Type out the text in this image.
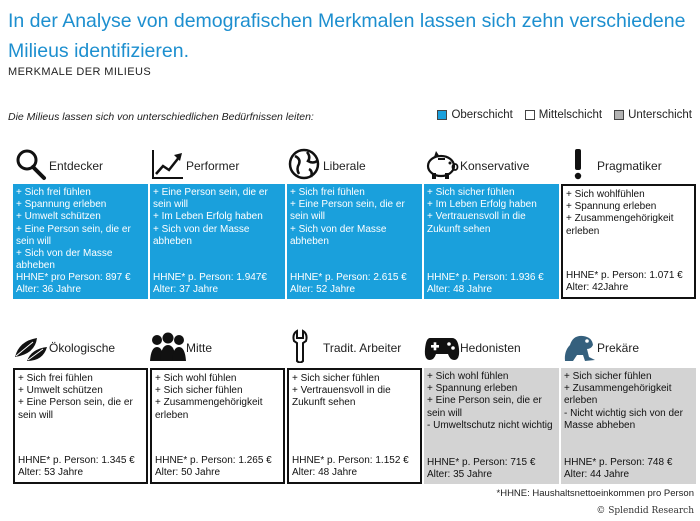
In der Analyse von demografischen Merkmalen lassen sich zehn verschiedene Milieus identifizieren.
MERKMALE DER MILIEUS
Die Milieus lassen sich von unterschiedlichen Bedürfnissen leiten:	Oberschicht Mittelschicht Unterschicht
Entdecker
+ Sich frei fühlen
+ Spannung erleben
+ Umwelt schützen
+ Eine Person sein, die er sein will
+ Sich von der Masse abheben
HHNE* pro Person: 897 €
Alter: 36 Jahre
Performer
+ Eine Person sein, die er sein will
+ Im Leben Erfolg haben
+ Sich von der Masse abheben
HHNE* p. Person: 1.947€
Alter: 37 Jahre
Liberale
+ Sich frei fühlen
+ Eine Person sein, die er sein will
+ Sich von der Masse abheben
HHNE* p. Person: 2.615 €
Alter: 52 Jahre
Konservative
+ Sich sicher fühlen
+ Im Leben Erfolg haben
+ Vertrauensvoll in die Zukunft sehen
HHNE* p. Person: 1.936 €
Alter: 48 Jahre
Pragmatiker
+ Sich wohlfühlen
+ Spannung erleben
+ Zusammengehörigkeit erleben
HHNE* p. Person: 1.071 €
Alter: 42Jahre
Ökologische
+ Sich frei fühlen
+ Umwelt schützen
+ Eine Person sein, die er sein will
HHNE* p. Person: 1.345 €
Alter: 53 Jahre
Mitte
+ Sich wohl fühlen
+ Sich sicher fühlen
+ Zusammengehörigkeit erleben
HHNE* p. Person: 1.265 €
Alter: 50 Jahre
Tradit. Arbeiter
+ Sich sicher fühlen
+ Vertrauensvoll in die Zukunft sehen
HHNE* p. Person: 1.152 €
Alter: 48 Jahre
Hedonisten
+ Sich wohl fühlen
+ Spannung erleben
+ Eine Person sein, die er sein will
- Umweltschutz nicht wichtig
HHNE* p. Person: 715 €
Alter: 35 Jahre
Prekäre
+ Sich sicher fühlen
+ Zusammengehörigkeit erleben
- Nicht wichtig sich von der Masse abheben
HHNE* p. Person: 748 €
Alter: 44 Jahre
*HHNE: Haushaltsnettoeinkommen pro Person
© Splendid Research
